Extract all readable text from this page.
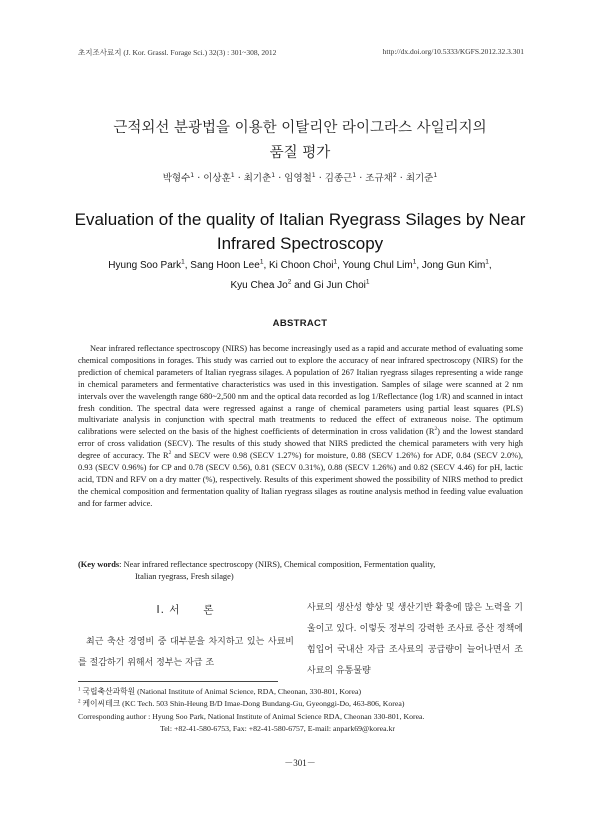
초지조사료지 (J. Kor. Grassl. Forage Sci.) 32(3) : 301~308, 2012	http://dx.doi.org/10.5333/KGFS.2012.32.3.301
근적외선 분광법을 이용한 이탈리안 라이그라스 사일리지의
품질 평가
박형수$^1$ · 이상훈$^1$ · 최기춘$^1$ · 임영철$^1$ · 김종근$^1$ · 조규채$^2$ · 최기준$^1$
Evaluation of the quality of Italian Ryegrass Silages by Near
Infrared Spectroscopy
Hyung Soo Park$^1$, Sang Hoon Lee$^1$, Ki Choon Choi$^1$, Young Chul Lim$^1$, Jong Gun Kim$^1$,
Kyu Chea Jo$^2$ and Gi Jun Choi$^1$
ABSTRACT
Near infrared reflectance spectroscopy (NIRS) has become increasingly used as a rapid and accurate method of evaluating some chemical compositions in forages. This study was carried out to explore the accuracy of near infrared spectroscopy (NIRS) for the prediction of chemical parameters of Italian ryegrass silages. A population of 267 Italian ryegrass silages representing a wide range in chemical parameters and fermentative characteristics was used in this investigation. Samples of silage were scanned at 2 nm intervals over the wavelength range 680~2,500 nm and the optical data recorded as log 1/Reflectance (log 1/R) and scanned in intact fresh condition. The spectral data were regressed against a range of chemical parameters using partial least squares (PLS) multivariate analysis in conjunction with spectral math treatments to reduced the effect of extraneous noise. The optimum calibrations were selected on the basis of the highest coefficients of determination in cross validation $(R^2)$ and the lowest standard error of cross validation (SECV). The results of this study showed that NIRS predicted the chemical parameters with very high degree of accuracy. The $R^2$ and SECV were 0.98 (SECV 1.27%) for moisture, 0.88 (SECV 1.26%) for ADF, 0.84 (SECV 2.0%), 0.93 (SECV 0.96%) for CP and 0.78 (SECV 0.56), 0.81 (SECV 0.31%), 0.88 (SECV 1.26%) and 0.82 (SECV 4.46) for pH, lactic acid, TDN and RFV on a dry matter (%), respectively. Results of this experiment showed the possibility of NIRS method to predict the chemical composition and fermentation quality of Italian ryegrass silages as routine analysis method in feeding value evaluation and for farmer advice.
(Key words: Near infrared reflectance spectroscopy (NIRS), Chemical composition, Fermentation quality,
Italian ryegrass, Fresh silage)
Ⅰ. 서　　론
최근 축산 경영비 중 대부분을 차지하고 있는 사료비를 절감하기 위해서 정부는 자급 조
사료의 생산성 향상 및 생산기반 확충에 많은 노력을 기울이고 있다. 이렇듯 정부의 강력한 조사료 증산 정책에 힘입어 국내산 자급 조사료의 공급량이 늘어나면서 조사료의 유통물량
$^1$ 국립축산과학원 (National Institute of Animal Science, RDA, Cheonan, 330-801, Korea)
$^2$ 케이씨테크 (KC Tech. 503 Shin-Heung B/D Imae-Dong Bundang-Gu, Gyeonggi-Do, 463-806, Korea)
Corresponding author : Hyung Soo Park, National Institute of Animal Science RDA, Cheonan 330-801, Korea.
Tel: +82-41-580-6753, Fax: +82-41-580-6757, E-mail: anpark69@korea.kr
－301－
